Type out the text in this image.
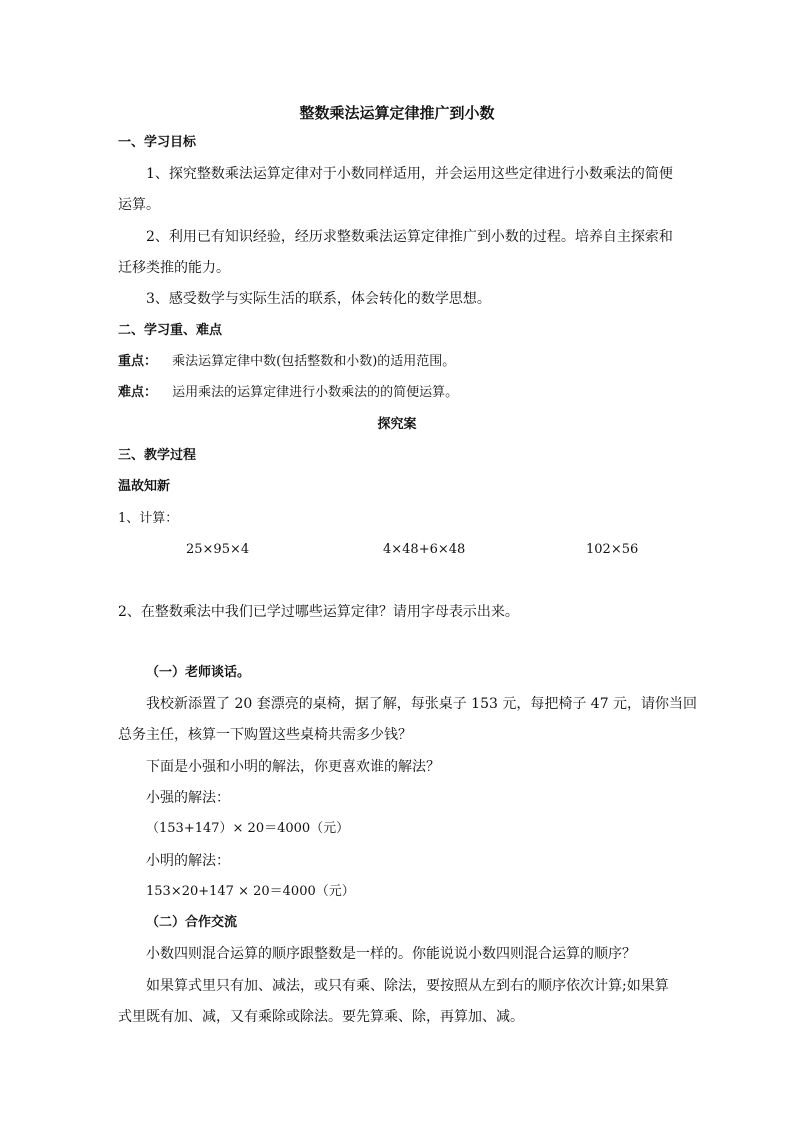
整数乘法运算定律推广到小数
一、学习目标
1、探究整数乘法运算定律对于小数同样适用，并会运用这些定律进行小数乘法的简便
运算。
2、利用已有知识经验，经历求整数乘法运算定律推广到小数的过程。培养自主探索和
迁移类推的能力。
3、感受数学与实际生活的联系，体会转化的数学思想。
二、学习重、难点
重点： 乘法运算定律中数(包括整数和小数)的适用范围。
难点： 运用乘法的运算定律进行小数乘法的的简便运算。
探究案
三、教学过程
温故知新
1、计算：
25×95×4	4×48+6×48	102×56
2、在整数乘法中我们已学过哪些运算定律？请用字母表示出来。
（一）老师谈话。
我校新添置了 20 套漂亮的桌椅，据了解，每张桌子 153 元，每把椅子 47 元，请你当回
总务主任，核算一下购置这些桌椅共需多少钱？
下面是小强和小明的解法，你更喜欢谁的解法？
小强的解法：
（153+147）× 20＝4000（元）
小明的解法：
153×20+147 × 20＝4000（元）
（二）合作交流
小数四则混合运算的顺序跟整数是一样的。你能说说小数四则混合运算的顺序？
如果算式里只有加、减法，或只有乘、除法，要按照从左到右的顺序依次计算;如果算
式里既有加、减，又有乘除或除法。要先算乘、除，再算加、减。
